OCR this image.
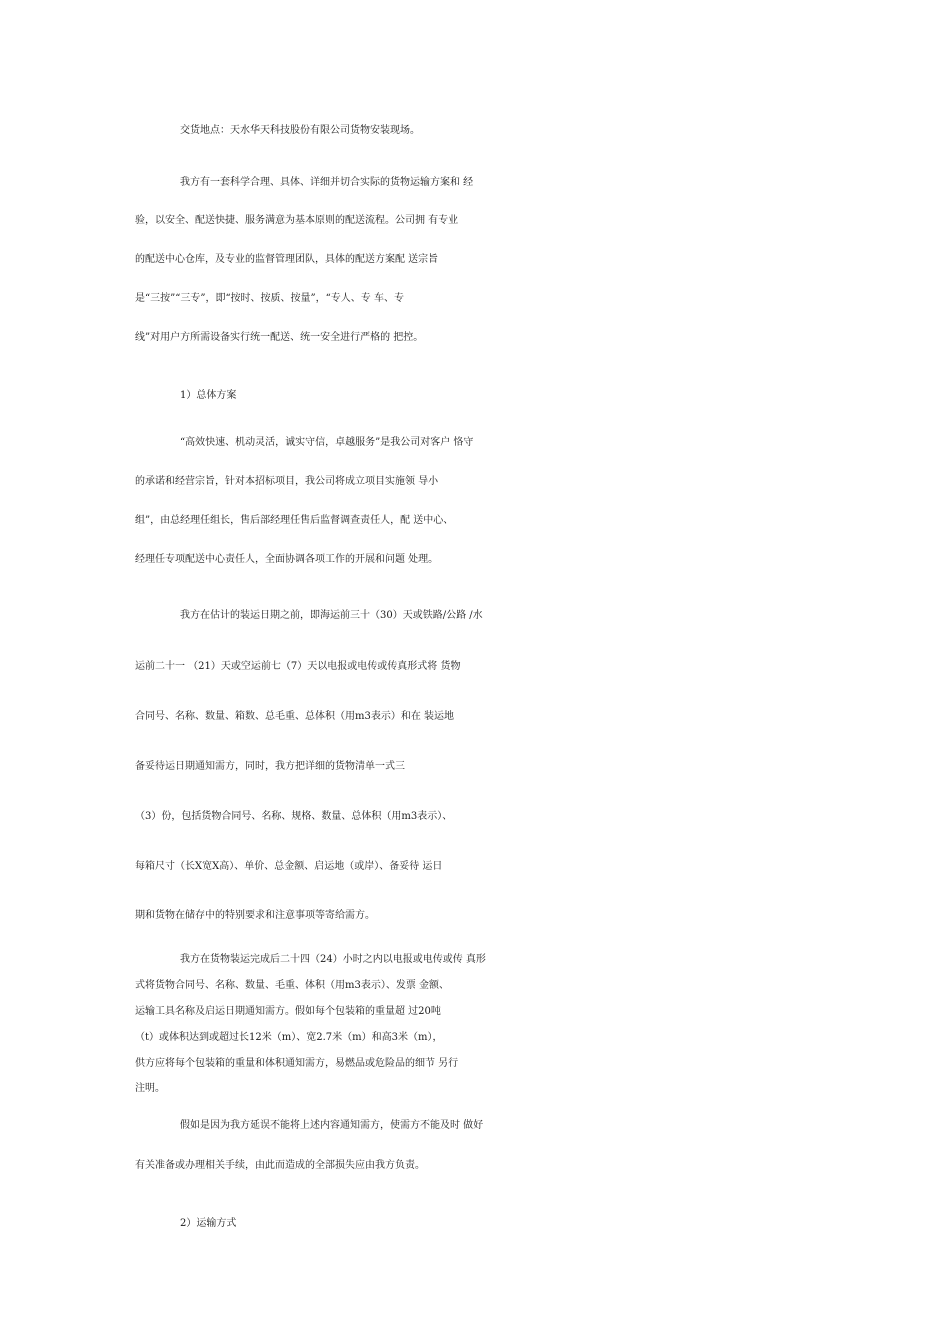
交货地点：天水华天科技股份有限公司货物安装现场。
我方有一套科学合理、具体、详细并切合实际的货物运输方案和 经
验，以安全、配送快捷、服务满意为基本原则的配送流程。公司拥 有专业
的配送中心仓库，及专业的监督管理团队，具体的配送方案配 送宗旨
是“三按”“三专”，即“按时、按质、按量”，“专人、专 车、专
线”对用户方所需设备实行统一配送、统一安全进行严格的 把控。
1）总体方案
“高效快速、机动灵活，诚实守信，卓越服务”是我公司对客户 恪守
的承诺和经营宗旨，针对本招标项目，我公司将成立项目实施领 导小
组”，由总经理任组长，售后部经理任售后监督调查责任人，配 送中心、
经理任专项配送中心责任人，全面协调各项工作的开展和问题 处理。
我方在估计的装运日期之前，即海运前三十（30）天或铁路/公路 /水
运前二十一 （21）天或空运前七（7）天以电报或电传或传真形式将 货物
合同号、名称、数量、箱数、总毛重、总体积（用m3表示）和在 装运地
备妥待运日期通知需方，同时，我方把详细的货物清单一式三
（3）份，包括货物合同号、名称、规格、数量、总体积（用m3表示）、
每箱尺寸（长X宽X高）、单价、总金额、启运地（或岸）、备妥待 运日
期和货物在储存中的特别要求和注意事项等寄给需方。
我方在货物装运完成后二十四（24）小时之内以电报或电传或传 真形
式将货物合同号、名称、数量、毛重、体积（用m3表示）、发票 金额、
运输工具名称及启运日期通知需方。假如每个包装箱的重量超 过20吨
（t）或体积达到或超过长12米（m）、宽2.7米（m）和高3米（m），
供方应将每个包装箱的重量和体积通知需方，易燃品或危险品的细节 另行
注明。
假如是因为我方延误不能将上述内容通知需方，使需方不能及时 做好
有关准备或办理相关手续，由此而造成的全部损失应由我方负责。
2）运输方式
